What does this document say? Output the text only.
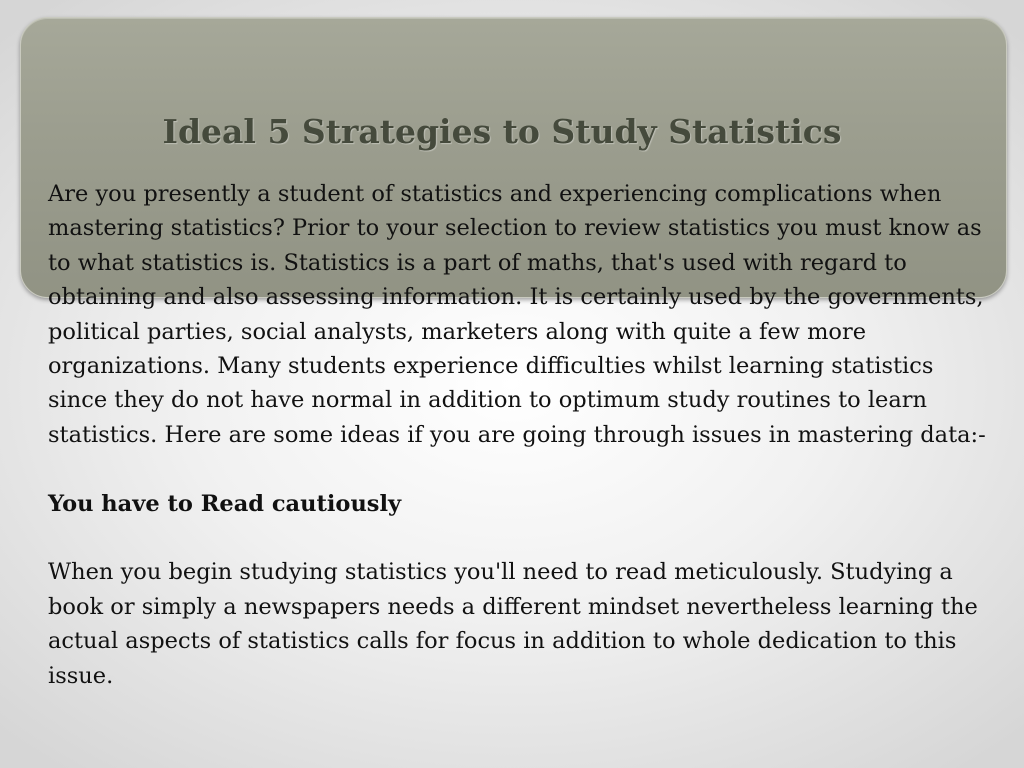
Ideal 5 Strategies to Study Statistics

Are you presently a student of statistics and experiencing complications when mastering statistics? Prior to your selection to review statistics you must know as to what statistics is. Statistics is a part of maths, that's used with regard to obtaining and also assessing information. It is certainly used by the governments, political parties, social analysts, marketers along with quite a few more organizations. Many students experience difficulties whilst learning statistics since they do not have normal in addition to optimum study routines to learn statistics. Here are some ideas if you are going through issues in mastering data:-

You have to Read cautiously

When you begin studying statistics you'll need to read meticulously. Studying a book or simply a newspapers needs a different mindset nevertheless learning the actual aspects of statistics calls for focus in addition to whole dedication to this issue.
